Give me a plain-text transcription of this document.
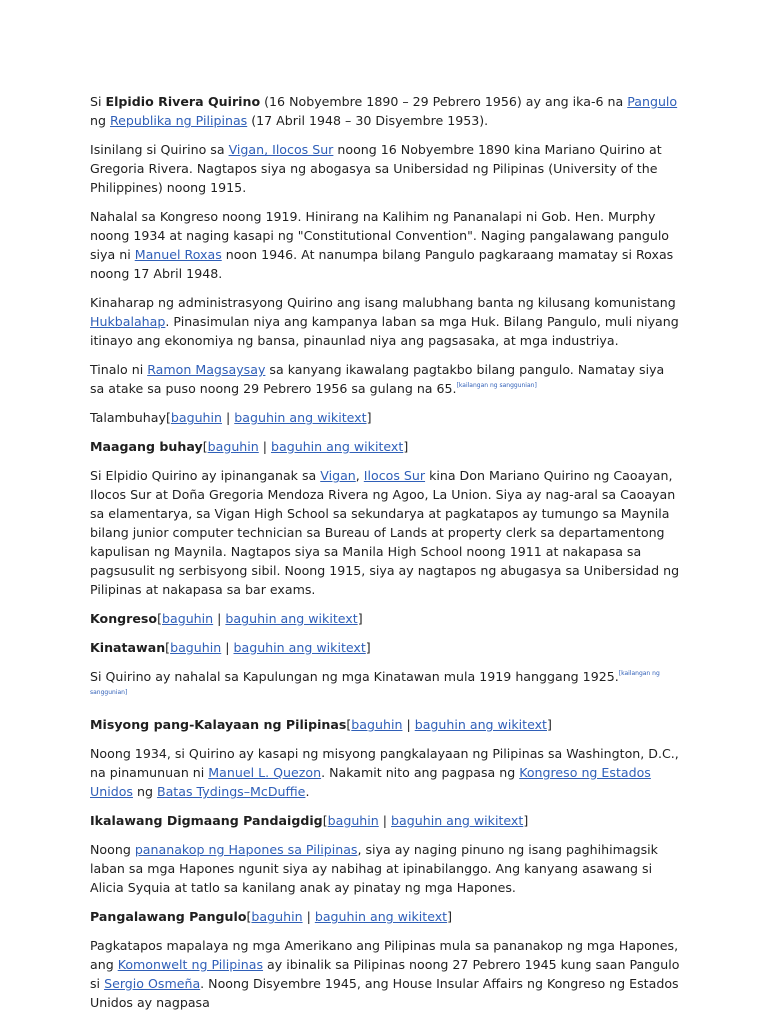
Si Elpidio Rivera Quirino (16 Nobyembre 1890 – 29 Pebrero 1956) ay ang ika-6 na Pangulo ng Republika ng Pilipinas (17 Abril 1948 – 30 Disyembre 1953).

Isinilang si Quirino sa Vigan, Ilocos Sur noong 16 Nobyembre 1890 kina Mariano Quirino at Gregoria Rivera. Nagtapos siya ng abogasya sa Unibersidad ng Pilipinas (University of the Philippines) noong 1915.

Nahalal sa Kongreso noong 1919. Hinirang na Kalihim ng Pananalapi ni Gob. Hen. Murphy noong 1934 at naging kasapi ng "Constitutional Convention". Naging pangalawang pangulo siya ni Manuel Roxas noon 1946. At nanumpa bilang Pangulo pagkaraang mamatay si Roxas noong 17 Abril 1948.

Kinaharap ng administrasyong Quirino ang isang malubhang banta ng kilusang komunistang Hukbalahap. Pinasimulan niya ang kampanya laban sa mga Huk. Bilang Pangulo, muli niyang itinayo ang ekonomiya ng bansa, pinaunlad niya ang pagsasaka, at mga industriya.

Tinalo ni Ramon Magsaysay sa kanyang ikawalang pagtakbo bilang pangulo. Namatay siya sa atake sa puso noong 29 Pebrero 1956 sa gulang na 65.[kailangan ng sanggunian]

Talambuhay[baguhin | baguhin ang wikitext]

Maagang buhay[baguhin | baguhin ang wikitext]

Si Elpidio Quirino ay ipinanganak sa Vigan, Ilocos Sur kina Don Mariano Quirino ng Caoayan, Ilocos Sur at Doña Gregoria Mendoza Rivera ng Agoo, La Union. Siya ay nag-aral sa Caoayan sa elamentarya, sa Vigan High School sa sekundarya at pagkatapos ay tumungo sa Maynila bilang junior computer technician sa Bureau of Lands at property clerk sa departamentong kapulisan ng Maynila. Nagtapos siya sa Manila High School noong 1911 at nakapasa sa pagsusulit ng serbisyong sibil. Noong 1915, siya ay nagtapos ng abugasya sa Unibersidad ng Pilipinas at nakapasa sa bar exams.

Kongreso[baguhin | baguhin ang wikitext]

Kinatawan[baguhin | baguhin ang wikitext]

Si Quirino ay nahalal sa Kapulungan ng mga Kinatawan mula 1919 hanggang 1925.[kailangan ng sanggunian]

Misyong pang-Kalayaan ng Pilipinas[baguhin | baguhin ang wikitext]

Noong 1934, si Quirino ay kasapi ng misyong pangkalayaan ng Pilipinas sa Washington, D.C., na pinamunuan ni Manuel L. Quezon. Nakamit nito ang pagpasa ng Kongreso ng Estados Unidos ng Batas Tydings–McDuffie.

Ikalawang Digmaang Pandaigdig[baguhin | baguhin ang wikitext]

Noong pananakop ng Hapones sa Pilipinas, siya ay naging pinuno ng isang paghihimagsik laban sa mga Hapones ngunit siya ay nabihag at ipinabilanggo. Ang kanyang asawang si Alicia Syquia at tatlo sa kanilang anak ay pinatay ng mga Hapones.

Pangalawang Pangulo[baguhin | baguhin ang wikitext]

Pagkatapos mapalaya ng mga Amerikano ang Pilipinas mula sa pananakop ng mga Hapones, ang Komonwelt ng Pilipinas ay ibinalik sa Pilipinas noong 27 Pebrero 1945 kung saan Pangulo si Sergio Osmeña. Noong Disyembre 1945, ang House Insular Affairs ng Kongreso ng Estados Unidos ay nagpasa
